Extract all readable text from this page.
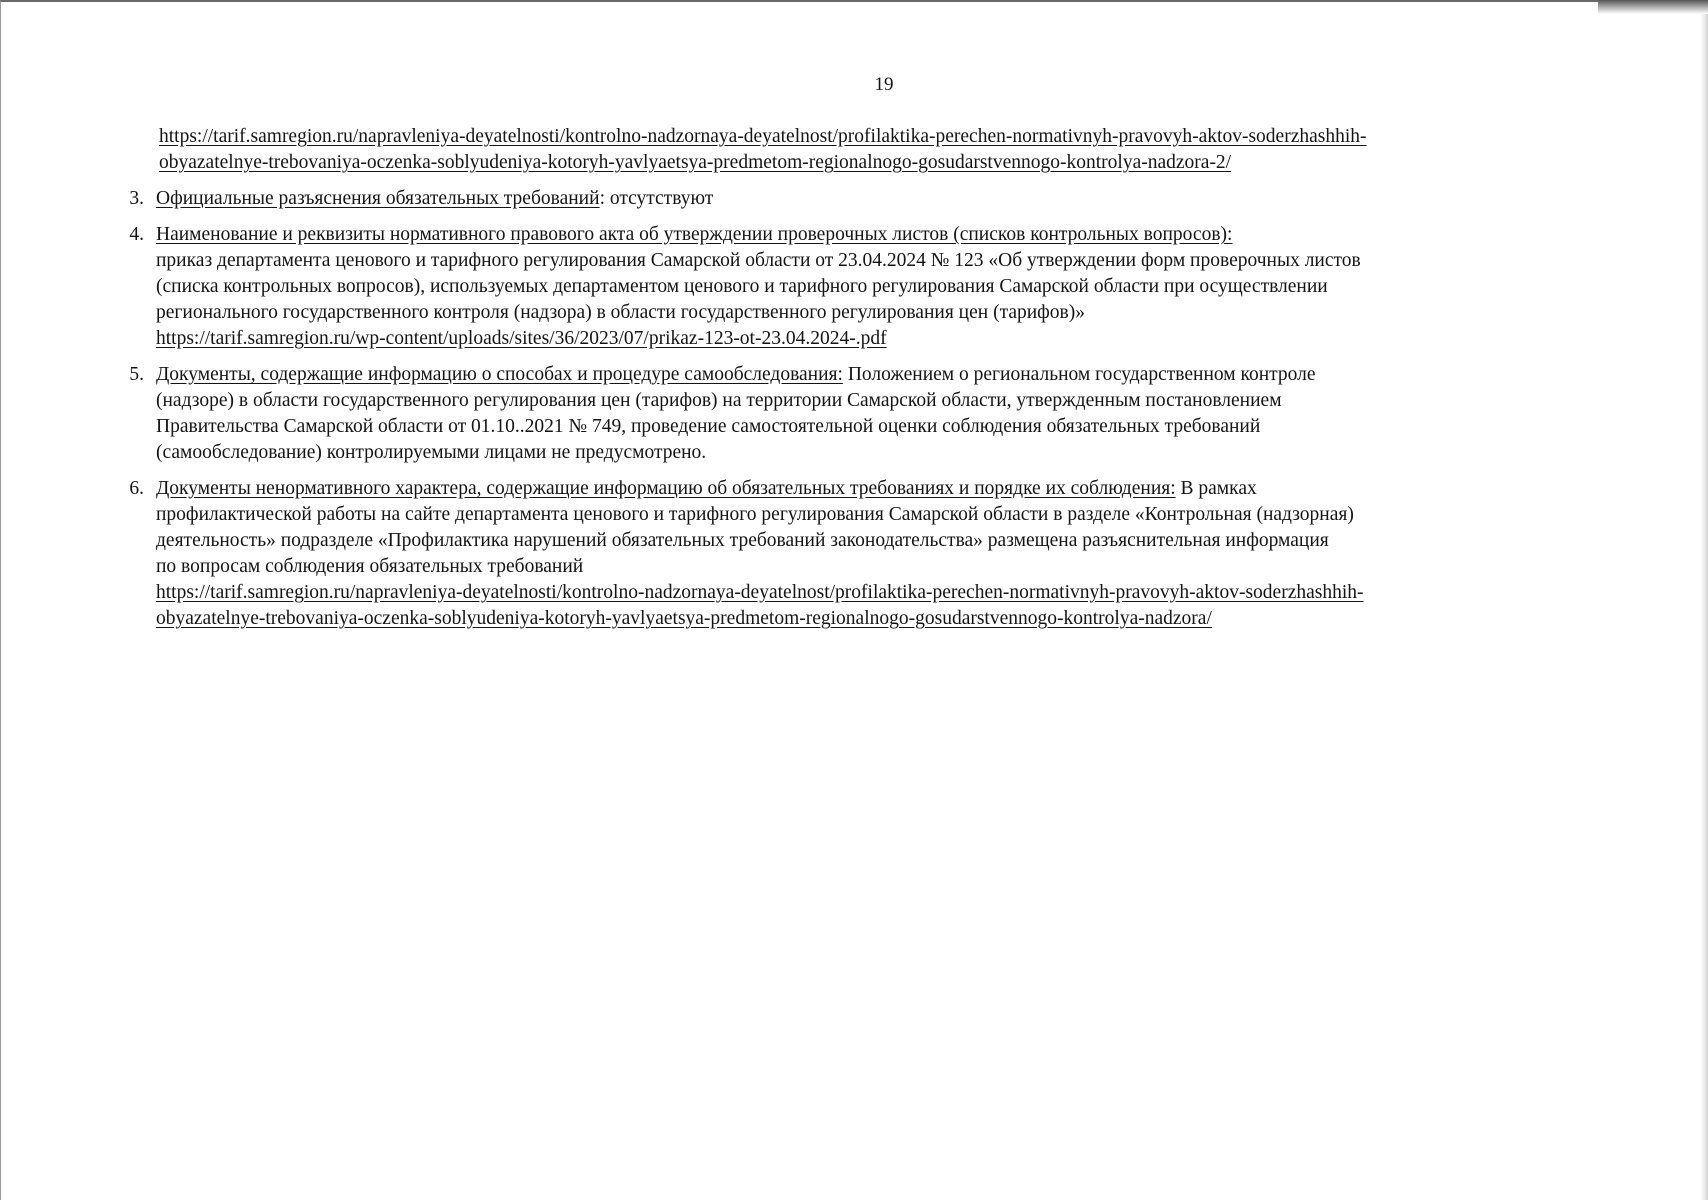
19
https://tarif.samregion.ru/napravleniya-deyatelnosti/kontrolno-nadzornaya-deyatelnost/profilaktika-perechen-normativnyh-pravovyh-aktov-soderzhashhih-
obyazatelnye-trebovaniya-oczenka-soblyudeniya-kotoryh-yavlyaetsya-predmetom-regionalnogo-gosudarstvennogo-kontrolya-nadzora-2/
3. Официальные разъяснения обязательных требований: отсутствуют
4. Наименование и реквизиты нормативного правового акта об утверждении проверочных листов (списков контрольных вопросов):
приказ департамента ценового и тарифного регулирования Самарской области от 23.04.2024 № 123 «Об утверждении форм проверочных листов
(списка контрольных вопросов), используемых департаментом ценового и тарифного регулирования Самарской области при осуществлении
регионального государственного контроля (надзора) в области государственного регулирования цен (тарифов)»
https://tarif.samregion.ru/wp-content/uploads/sites/36/2023/07/prikaz-123-ot-23.04.2024-.pdf
5. Документы, содержащие информацию о способах и процедуре самообследования: Положением о региональном государственном контроле
(надзоре) в области государственного регулирования цен (тарифов) на территории Самарской области, утвержденным постановлением
Правительства Самарской области от 01.10..2021 № 749, проведение самостоятельной оценки соблюдения обязательных требований
(самообследование) контролируемыми лицами не предусмотрено.
6. Документы ненормативного характера, содержащие информацию об обязательных требованиях и порядке их соблюдения: В рамках
профилактической работы на сайте департамента ценового и тарифного регулирования Самарской области в разделе «Контрольная (надзорная)
деятельность» подразделе «Профилактика нарушений обязательных требований законодательства» размещена разъяснительная информация
по вопросам соблюдения обязательных требований
https://tarif.samregion.ru/napravleniya-deyatelnosti/kontrolno-nadzornaya-deyatelnost/profilaktika-perechen-normativnyh-pravovyh-aktov-soderzhashhih-
obyazatelnye-trebovaniya-oczenka-soblyudeniya-kotoryh-yavlyaetsya-predmetom-regionalnogo-gosudarstvennogo-kontrolya-nadzora/
